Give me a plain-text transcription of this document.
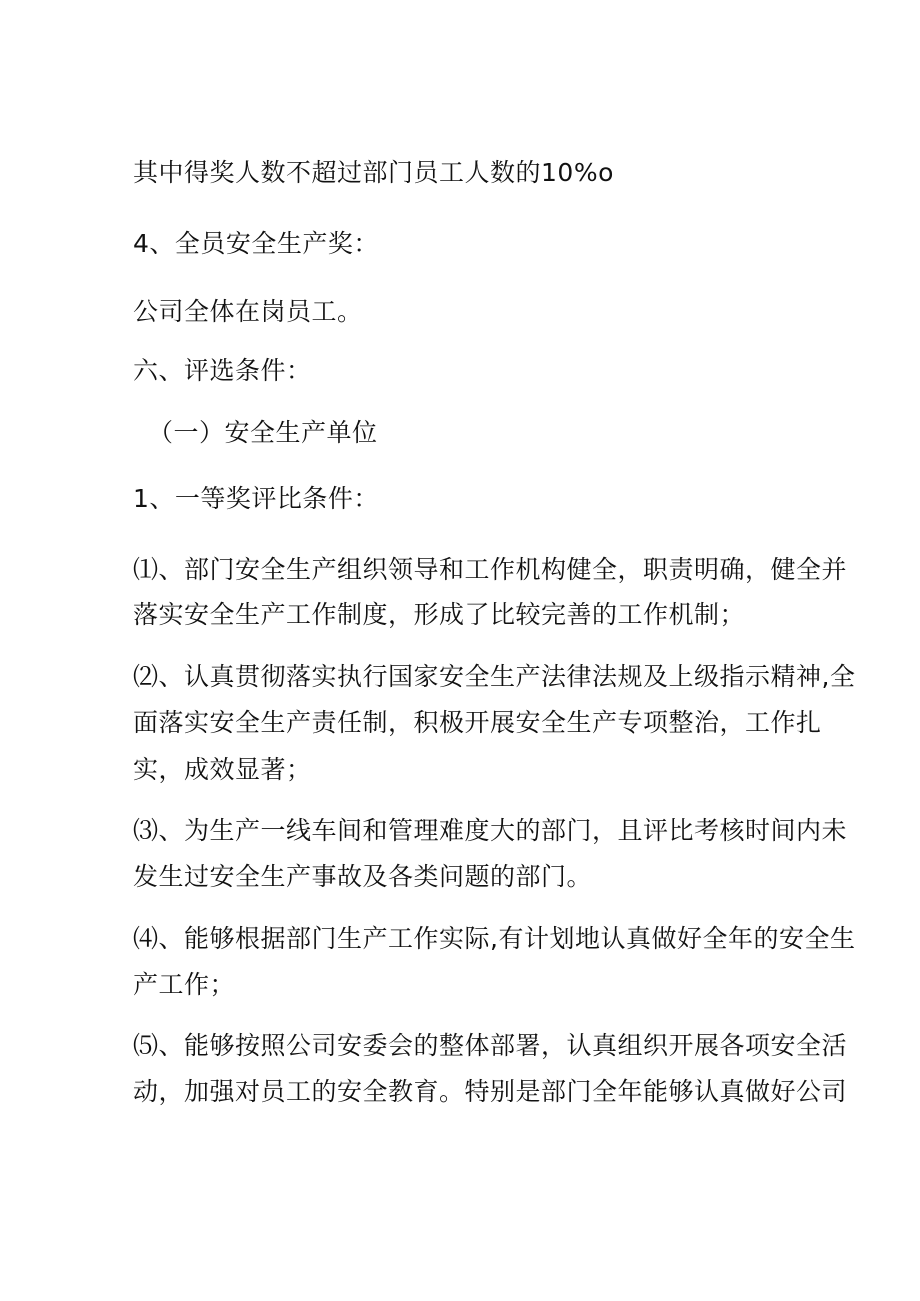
其中得奖人数不超过部门员工人数的10%o
4、全员安全生产奖：
公司全体在岗员工。
六、评选条件：
（一）安全生产单位
1、一等奖评比条件：
⑴、部门安全生产组织领导和工作机构健全，职责明确，健全并
落实安全生产工作制度，形成了比较完善的工作机制；
⑵、认真贯彻落实执行国家安全生产法律法规及上级指示精神,全
面落实安全生产责任制，积极开展安全生产专项整治，工作扎
实，成效显著；
⑶、为生产一线车间和管理难度大的部门，且评比考核时间内未
发生过安全生产事故及各类问题的部门。
⑷、能够根据部门生产工作实际,有计划地认真做好全年的安全生
产工作；
⑸、能够按照公司安委会的整体部署，认真组织开展各项安全活
动，加强对员工的安全教育。特别是部门全年能够认真做好公司
